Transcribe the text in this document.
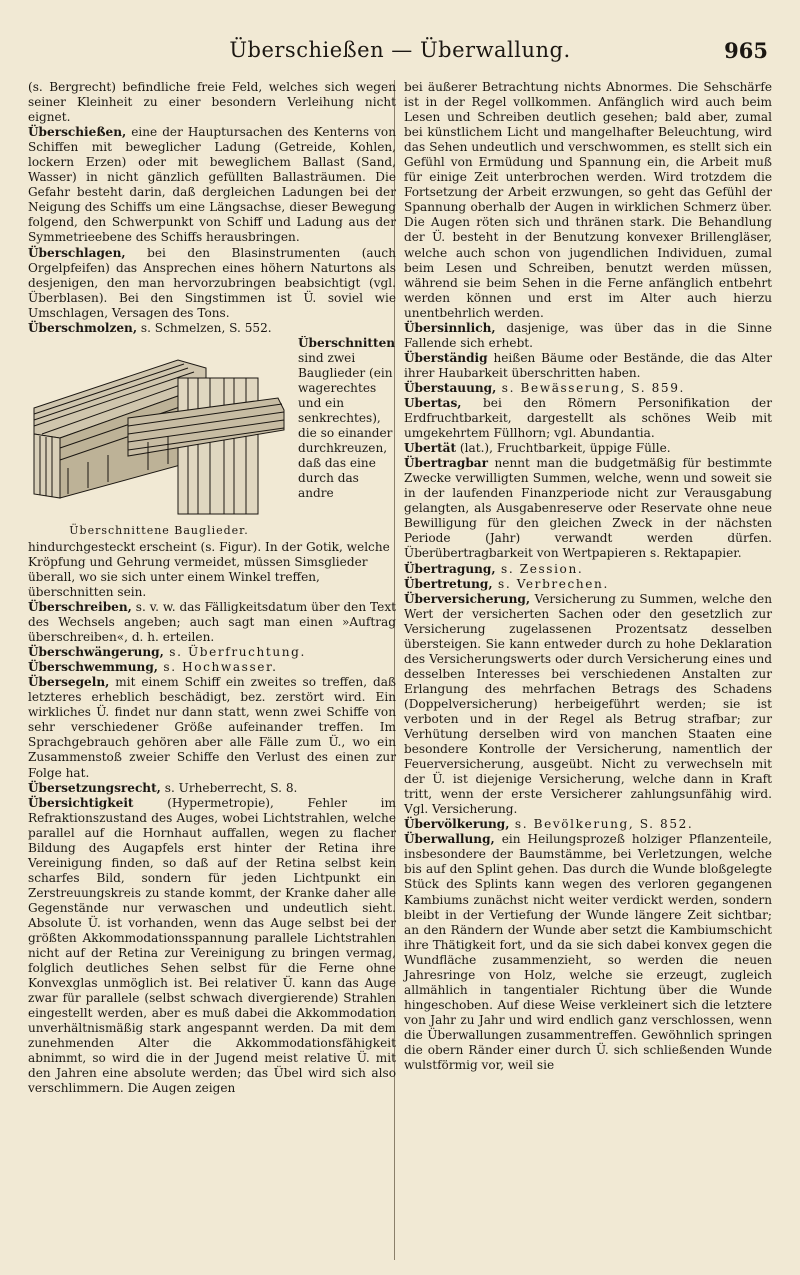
Überschießen — Überwallung.	965
(s. Bergrecht) befindliche freie Feld, welches sich wegen seiner Kleinheit zu einer besondern Verleihung nicht eignet.
Überschießen, eine der Hauptursachen des Kenterns von Schiffen mit beweglicher Ladung (Getreide, Kohlen, lockern Erzen) oder mit beweglichem Ballast (Sand, Wasser) in nicht gänzlich gefüllten Ballasträumen. Die Gefahr besteht darin, daß dergleichen Ladungen bei der Neigung des Schiffs um eine Längsachse, dieser Bewegung folgend, den Schwerpunkt von Schiff und Ladung aus der Symmetrieebene des Schiffs herausbringen.
Überschlagen, bei den Blasinstrumenten (auch Orgelpfeifen) das Ansprechen eines höhern Naturtons als desjenigen, den man hervorzubringen beabsichtigt (vgl. Überblasen). Bei den Singstimmen ist Ü. soviel wie Umschlagen, Versagen des Tons.
Überschmolzen, s. Schmelzen, S. 552.
Überschnittene Bauglieder.
Überschnitten sind zwei Bauglieder (ein wagerechtes und ein senkrechtes), die so einander durchkreuzen, daß das eine durch das andre hindurchgesteckt erscheint (s. Figur). In der Gotik, welche Kröpfung und Gehrung vermeidet, müssen Simsglieder überall, wo sie sich unter einem Winkel treffen, überschnitten sein.
Überschreiben, s. v. w. das Fälligkeitsdatum über den Text des Wechsels angeben; auch sagt man einen »Auftrag überschreiben«, d. h. erteilen.
Überschwängerung, s. Überfruchtung.
Überschwemmung, s. Hochwasser.
Übersegeln, mit einem Schiff ein zweites so treffen, daß letzteres erheblich beschädigt, bez. zerstört wird. Ein wirkliches Ü. findet nur dann statt, wenn zwei Schiffe von sehr verschiedener Größe aufeinander treffen. Im Sprachgebrauch gehören aber alle Fälle zum Ü., wo ein Zusammenstoß zweier Schiffe den Verlust des einen zur Folge hat.
Übersetzungsrecht, s. Urheberrecht, S. 8.
Übersichtigkeit (Hypermetropie), Fehler im Refraktionszustand des Auges, wobei Lichtstrahlen, welche parallel auf die Hornhaut auffallen, wegen zu flacher Bildung des Augapfels erst hinter der Retina ihre Vereinigung finden, so daß auf der Retina selbst kein scharfes Bild, sondern für jeden Lichtpunkt ein Zerstreuungskreis zu stande kommt, der Kranke daher alle Gegenstände nur verwaschen und undeutlich sieht. Absolute Ü. ist vorhanden, wenn das Auge selbst bei der größten Akkommodationsspannung parallele Lichtstrahlen nicht auf der Retina zur Vereinigung zu bringen vermag, folglich deutliches Sehen selbst für die Ferne ohne Konvexglas unmöglich ist. Bei relativer Ü. kann das Auge zwar für parallele (selbst schwach divergierende) Strahlen eingestellt werden, aber es muß dabei die Akkommodation unverhältnismäßig stark angespannt werden. Da mit dem zunehmenden Alter die Akkommodationsfähigkeit abnimmt, so wird die in der Jugend meist relative Ü. mit den Jahren eine absolute werden; das Übel wird sich also verschlimmern. Die Augen zeigen
bei äußerer Betrachtung nichts Abnormes. Die Sehschärfe ist in der Regel vollkommen. Anfänglich wird auch beim Lesen und Schreiben deutlich gesehen; bald aber, zumal bei künstlichem Licht und mangelhafter Beleuchtung, wird das Sehen undeutlich und verschwommen, es stellt sich ein Gefühl von Ermüdung und Spannung ein, die Arbeit muß für einige Zeit unterbrochen werden. Wird trotzdem die Fortsetzung der Arbeit erzwungen, so geht das Gefühl der Spannung oberhalb der Augen in wirklichen Schmerz über. Die Augen röten sich und thränen stark. Die Behandlung der Ü. besteht in der Benutzung konvexer Brillengläser, welche auch schon von jugendlichen Individuen, zumal beim Lesen und Schreiben, benutzt werden müssen, während sie beim Sehen in die Ferne anfänglich entbehrt werden können und erst im Alter auch hierzu unentbehrlich werden.
Übersinnlich, dasjenige, was über das in die Sinne Fallende sich erhebt.
Überständig heißen Bäume oder Bestände, die das Alter ihrer Haubarkeit überschritten haben.
Überstauung, s. Bewässerung, S. 859.
Ubertas, bei den Römern Personifikation der Erdfruchtbarkeit, dargestellt als schönes Weib mit umgekehrtem Füllhorn; vgl. Abundantia.
Ubertät (lat.), Fruchtbarkeit, üppige Fülle.
Übertragbar nennt man die budgetmäßig für bestimmte Zwecke verwilligten Summen, welche, wenn und soweit sie in der laufenden Finanzperiode nicht zur Verausgabung gelangten, als Ausgabenreserve oder Reservate ohne neue Bewilligung für den gleichen Zweck in der nächsten Periode (Jahr) verwandt werden dürfen. Überübertragbarkeit von Wertpapieren s. Rektapapier.
Übertragung, s. Zession.
Übertretung, s. Verbrechen.
Überversicherung, Versicherung zu Summen, welche den Wert der versicherten Sachen oder den gesetzlich zur Versicherung zugelassenen Prozentsatz desselben übersteigen. Sie kann entweder durch zu hohe Deklaration des Versicherungswerts oder durch Versicherung eines und desselben Interesses bei verschiedenen Anstalten zur Erlangung des mehrfachen Betrags des Schadens (Doppelversicherung) herbeigeführt werden; sie ist verboten und in der Regel als Betrug strafbar; zur Verhütung derselben wird von manchen Staaten eine besondere Kontrolle der Versicherung, namentlich der Feuerversicherung, ausgeübt. Nicht zu verwechseln mit der Ü. ist diejenige Versicherung, welche dann in Kraft tritt, wenn der erste Versicherer zahlungsunfähig wird. Vgl. Versicherung.
Übervölkerung, s. Bevölkerung, S. 852.
Überwallung, ein Heilungsprozeß holziger Pflanzenteile, insbesondere der Baumstämme, bei Verletzungen, welche bis auf den Splint gehen. Das durch die Wunde bloßgelegte Stück des Splints kann wegen des verloren gegangenen Kambiums zunächst nicht weiter verdickt werden, sondern bleibt in der Vertiefung der Wunde längere Zeit sichtbar; an den Rändern der Wunde aber setzt die Kambiumschicht ihre Thätigkeit fort, und da sie sich dabei konvex gegen die Wundfläche zusammenzieht, so werden die neuen Jahresringe von Holz, welche sie erzeugt, zugleich allmählich in tangentialer Richtung über die Wunde hingeschoben. Auf diese Weise verkleinert sich die letztere von Jahr zu Jahr und wird endlich ganz verschlossen, wenn die Überwallungen zusammentreffen. Gewöhnlich springen die obern Ränder einer durch Ü. sich schließenden Wunde wulstförmig vor, weil sie
